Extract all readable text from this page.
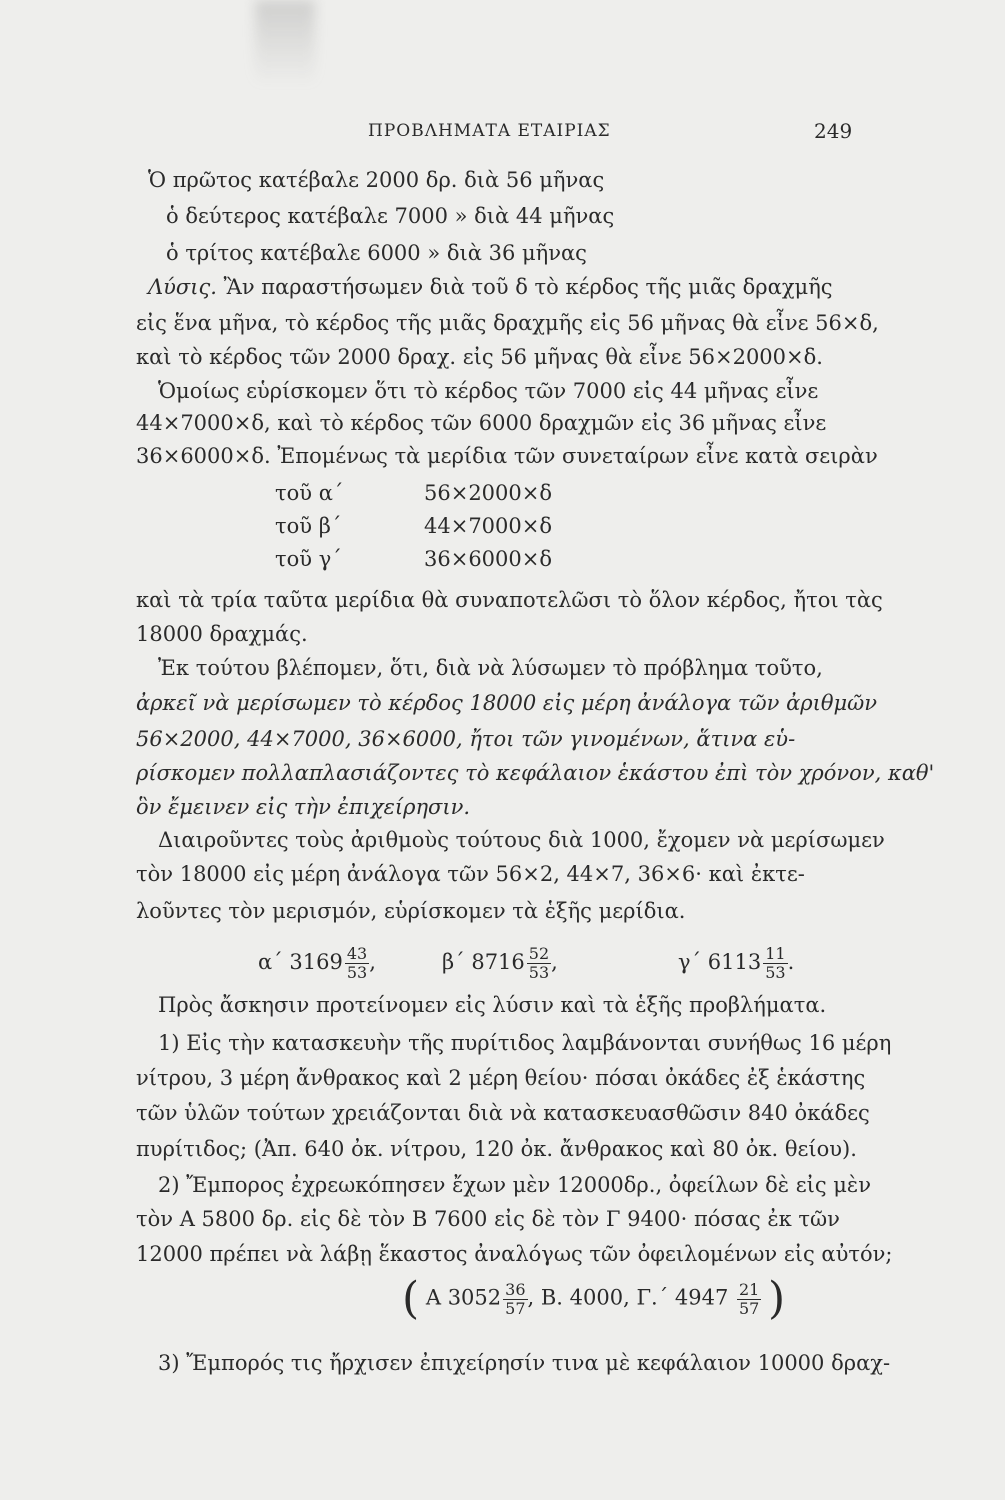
ΠΡΟΒΛΗΜΑΤΑ ΕΤΑΙΡΙΑΣ	249
Ὁ πρῶτος κατέβαλε 2000 δρ. διὰ 56 μῆνας
ὁ δεύτερος κατέβαλε 7000 » διὰ 44 μῆνας
ὁ τρίτος κατέβαλε 6000 » διὰ 36 μῆνας
Λύσις. Ἂν παραστήσωμεν διὰ τοῦ δ τὸ κέρδος τῆς μιᾶς δραχμῆς
εἰς ἕνα μῆνα, τὸ κέρδος τῆς μιᾶς δραχμῆς εἰς 56 μῆνας θὰ εἶνε 56×δ,
καὶ τὸ κέρδος τῶν 2000 δραχ. εἰς 56 μῆνας θὰ εἶνε 56×2000×δ.
Ὁμοίως εὑρίσκομεν ὅτι τὸ κέρδος τῶν 7000 εἰς 44 μῆνας εἶνε
44×7000×δ, καὶ τὸ κέρδος τῶν 6000 δραχμῶν εἰς 36 μῆνας εἶνε
36×6000×δ. Ἐπομένως τὰ μερίδια τῶν συνεταίρων εἶνε κατὰ σειρὰν
τοῦ α΄	56×2000×δ
τοῦ β΄	44×7000×δ
τοῦ γ΄	36×6000×δ
καὶ τὰ τρία ταῦτα μερίδια θὰ συναποτελῶσι τὸ ὅλον κέρδος, ἤτοι τὰς
18000 δραχμάς.
Ἐκ τούτου βλέπομεν, ὅτι, διὰ νὰ λύσωμεν τὸ πρόβλημα τοῦτο,
ἀρκεῖ νὰ μερίσωμεν τὸ κέρδος 18000 εἰς μέρη ἀνάλογα τῶν ἀριθμῶν
56×2000, 44×7000, 36×6000, ἤτοι τῶν γινομένων, ἅτινα εὑ-
ρίσκομεν πολλαπλασιάζοντες τὸ κεφάλαιον ἑκάστου ἐπὶ τὸν χρόνον, καθ'
ὃν ἔμεινεν εἰς τὴν ἐπιχείρησιν.
Διαιροῦντες τοὺς ἀριθμοὺς τούτους διὰ 1000, ἔχομεν νὰ μερίσωμεν
τὸν 18000 εἰς μέρη ἀνάλογα τῶν 56×2, 44×7, 36×6· καὶ ἐκτε-
λοῦντες τὸν μερισμόν, εὑρίσκομεν τὰ ἑξῆς μερίδια.
α΄ $3169 \frac{43}{53}$ ,	β΄ $8716 \frac{52}{53}$ ,	γ΄ $6113 \frac{11}{53}$ .
Πρὸς ἄσκησιν προτείνομεν εἰς λύσιν καὶ τὰ ἑξῆς προβλήματα.
1) Εἰς τὴν κατασκευὴν τῆς πυρίτιδος λαμβάνονται συνήθως 16 μέρη
νίτρου, 3 μέρη ἄνθρακος καὶ 2 μέρη θείου· πόσαι ὀκάδες ἐξ ἑκάστης
τῶν ὑλῶν τούτων χρειάζονται διὰ νὰ κατασκευασθῶσιν 840 ὀκάδες
πυρίτιδος; (Ἀπ. 640 ὀκ. νίτρου, 120 ὀκ. ἄνθρακος καὶ 80 ὀκ. θείου).
2) Ἔμπορος ἐχρεωκόπησεν ἔχων μὲν 12000δρ., ὀφείλων δὲ εἰς μὲν
τὸν Α 5800 δρ. εἰς δὲ τὸν Β 7600 εἰς δὲ τὸν Γ 9400· πόσας ἐκ τῶν
12000 πρέπει νὰ λάβῃ ἕκαστος ἀναλόγως τῶν ὀφειλομένων εἰς αὐτόν;
( Α $3052 \frac{36}{57}$ , Β. 4000, Γ.΄ $4947 \frac{21}{57}$ )
3) Ἔμπορός τις ἤρχισεν ἐπιχείρησίν τινα μὲ κεφάλαιον 10000 δραχ-
